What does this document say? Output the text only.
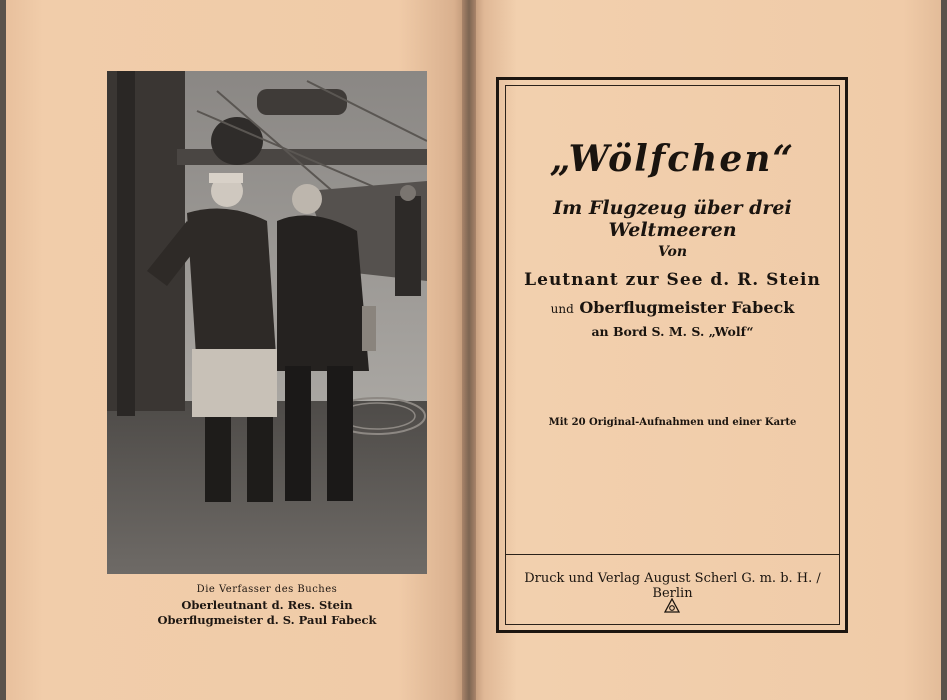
Die Verfasser des Buches
Oberleutnant d. Res. Stein
Oberflugmeister d. S. Paul Fabeck
„Wölfchen“
Im Flugzeug über drei Weltmeeren
Von
Leutnant zur See d. R. Stein
und Oberflugmeister Fabeck
an Bord S. M. S. „Wolf“
Mit 20 Original-Aufnahmen und einer Karte
Druck und Verlag August Scherl G. m. b. H. / Berlin
